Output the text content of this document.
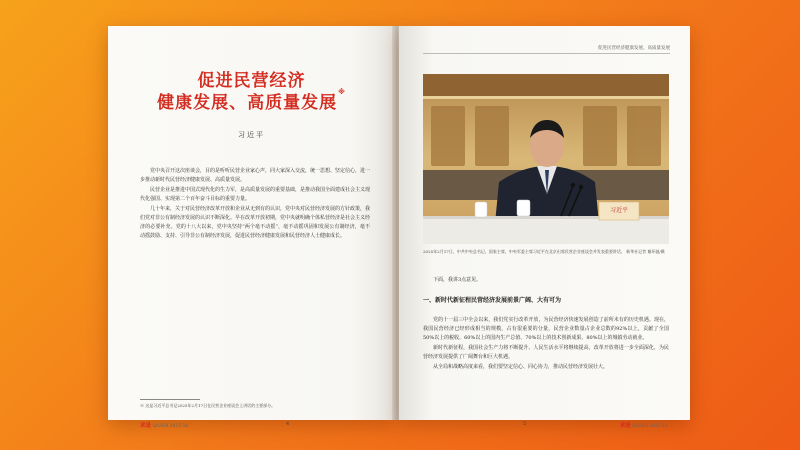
促进民营经济
健康发展、高质量发展※
习近平

党中央召开这次座谈会，目的是听听民营企业家心声，同大家深入交流，统一思想、坚定信心，进一步推动新时代民营经济健康发展、高质量发展。

民营企业是推进中国式现代化的生力军，是高质量发展的重要基础，是推动我国全面建成社会主义现代化强国、实现第二个百年奋斗目标的重要力量。

几十年来，关于对民营经济改革开放和企业从无到有的认识，党中央对民营经济发展的方针政策，我们党对非公有制经济发展的认识不断深化。早在改革开放初期，党中央就明确个体私营经济是社会主义经济的必要补充。党的十八大以来，党中央坚持“两个毫不动摇”，毫不动摇巩固和发展公有制经济，毫不动摇鼓励、支持、引导非公有制经济发展，促进民营经济健康发展和民营经济人士健康成长。

※ 这是习近平总书记2025年2月17日在民营企业座谈会上讲话的主要部分。
求是 QIUSHI 2025·16	4
促进民营经济健康发展、高质量发展
习近平
2025年2月17日，中共中央总书记、国家主席、中央军委主席习近平在北京出席民营企业座谈会并发表重要讲话。 新华社记者 谢环驰/摄
下面，我讲3点意见。
一、新时代新征程民营经济发展前景广阔、大有可为

党的十一届三中全会以来，我们党实行改革开放，为民营经济快速发展创造了前所未有的历史机遇。现在，我国民营经济已经形成相当的规模，占有很重要的分量，民营企业数量占企业总数的92%以上，贡献了全国50%以上的税收、60%以上的国内生产总值、70%以上的技术创新成果、80%以上的城镇劳动就业。

新时代新征程，我国社会生产力将不断提升、人民生活水平将继续提高，改革开放将进一步全面深化，为民营经济发展提供了广阔舞台和巨大机遇。

从全局和战略高度来看，我们要坚定信心、同心协力，推动民营经济发展壮大。

5	求是 QIUSHI 2025·16
